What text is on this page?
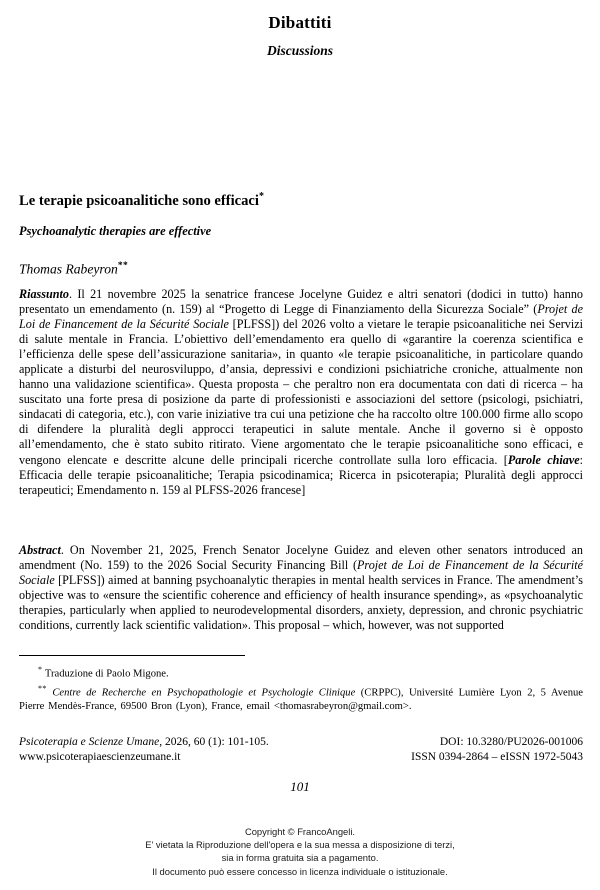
Dibattiti
Discussions
Le terapie psicoanalitiche sono efficaci*
Psychoanalytic therapies are effective
Thomas Rabeyron**
Riassunto. Il 21 novembre 2025 la senatrice francese Jocelyne Guidez e altri senatori (dodici in tutto) hanno presentato un emendamento (n. 159) al “Progetto di Legge di Finanziamento della Sicurezza Sociale” (Projet de Loi de Financement de la Sécurité Sociale [PLFSS]) del 2026 volto a vietare le terapie psicoanalitiche nei Servizi di salute mentale in Francia. L’obiettivo dell’emendamento era quello di «garantire la coerenza scientifica e l’efficienza delle spese dell’assicurazione sanitaria», in quanto «le terapie psicoanalitiche, in particolare quando applicate a disturbi del neurosviluppo, d’ansia, depressivi e condizioni psichiatriche croniche, attualmente non hanno una validazione scientifica». Questa proposta – che peraltro non era documentata con dati di ricerca – ha suscitato una forte presa di posizione da parte di professionisti e associazioni del settore (psicologi, psichiatri, sindacati di categoria, etc.), con varie iniziative tra cui una petizione che ha raccolto oltre 100.000 firme allo scopo di difendere la pluralità degli approcci terapeutici in salute mentale. Anche il governo si è opposto all’emendamento, che è stato subito ritirato. Viene argomentato che le terapie psicoanalitiche sono efficaci, e vengono elencate e descritte alcune delle principali ricerche controllate sulla loro efficacia. [Parole chiave: Efficacia delle terapie psicoanalitiche; Terapia psicodinamica; Ricerca in psicoterapia; Pluralità degli approcci terapeutici; Emendamento n. 159 al PLFSS-2026 francese]
Abstract. On November 21, 2025, French Senator Jocelyne Guidez and eleven other senators introduced an amendment (No. 159) to the 2026 Social Security Financing Bill (Projet de Loi de Financement de la Sécurité Sociale [PLFSS]) aimed at banning psychoanalytic therapies in mental health services in France. The amendment’s objective was to «ensure the scientific coherence and efficiency of health insurance spending», as «psychoanalytic therapies, particularly when applied to neurodevelopmental disorders, anxiety, depression, and chronic psychiatric conditions, currently lack scientific validation». This proposal – which, however, was not supported

* Traduzione di Paolo Migone.

** Centre de Recherche en Psychopathologie et Psychologie Clinique (CRPPC), Université Lumière Lyon 2, 5 Avenue Pierre Mendès-France, 69500 Bron (Lyon), France, email <thomasrabeyron@gmail.com>.

Psicoterapia e Scienze Umane, 2026, 60 (1): 101-105.	DOI: 10.3280/PU2026-001006
www.psicoterapiaescienzeumane.it	ISSN 0394-2864 – eISSN 1972-5043
101
Copyright © FrancoAngeli.
E' vietata la Riproduzione dell'opera e la sua messa a disposizione di terzi,
sia in forma gratuita sia a pagamento.
Il documento può essere concesso in licenza individuale o istituzionale.
